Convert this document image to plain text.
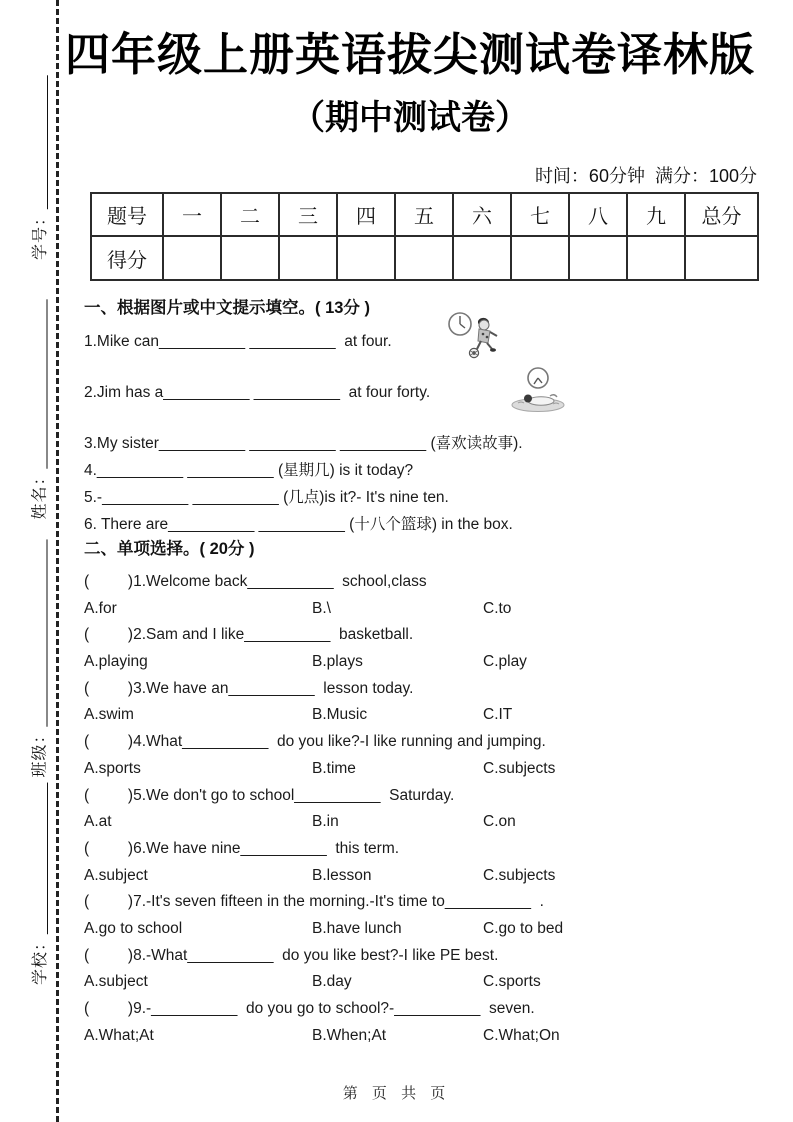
学号：_______________
姓名：___________________
班级：_____________________
学校：_________________
四年级上册英语拔尖测试卷译林版
（期中测试卷）
时间：60分钟  满分：100分
题号	一	二	三	四	五	六	七	八	九	总分
得分										
一、根据图片或中文提示填空。( 13分 )
1.Mike can__________ __________  at four.
2.Jim has a__________ __________  at four forty.
3.My sister__________ __________ __________ (喜欢读故事).
4.__________ __________ (星期几) is it today?
5.-__________ __________ (几点)is it?- It's nine ten.
6. There are__________ __________ (十八个篮球) in the box.
二、单项选择。( 20分 )
(         )1.Welcome back__________  school,class
A.for	B.\	C.to
(         )2.Sam and I like__________  basketball.
A.playing	B.plays	C.play
(         )3.We have an__________  lesson today.
A.swim	B.Music	C.IT
(         )4.What__________  do you like?-I like running and jumping.
A.sports	B.time	C.subjects
(         )5.We don't go to school__________  Saturday.
A.at	B.in	C.on
(         )6.We have nine__________  this term.
A.subject	B.lesson	C.subjects
(         )7.-It's seven fifteen in the morning.-It's time to__________  .
A.go to school	B.have lunch	C.go to bed
(         )8.-What__________  do you like best?-I like PE best.
A.subject	B.day	C.sports
(         )9.-__________  do you go to school?-__________  seven.
A.What;At	B.When;At	C.What;On
第 页 共 页
